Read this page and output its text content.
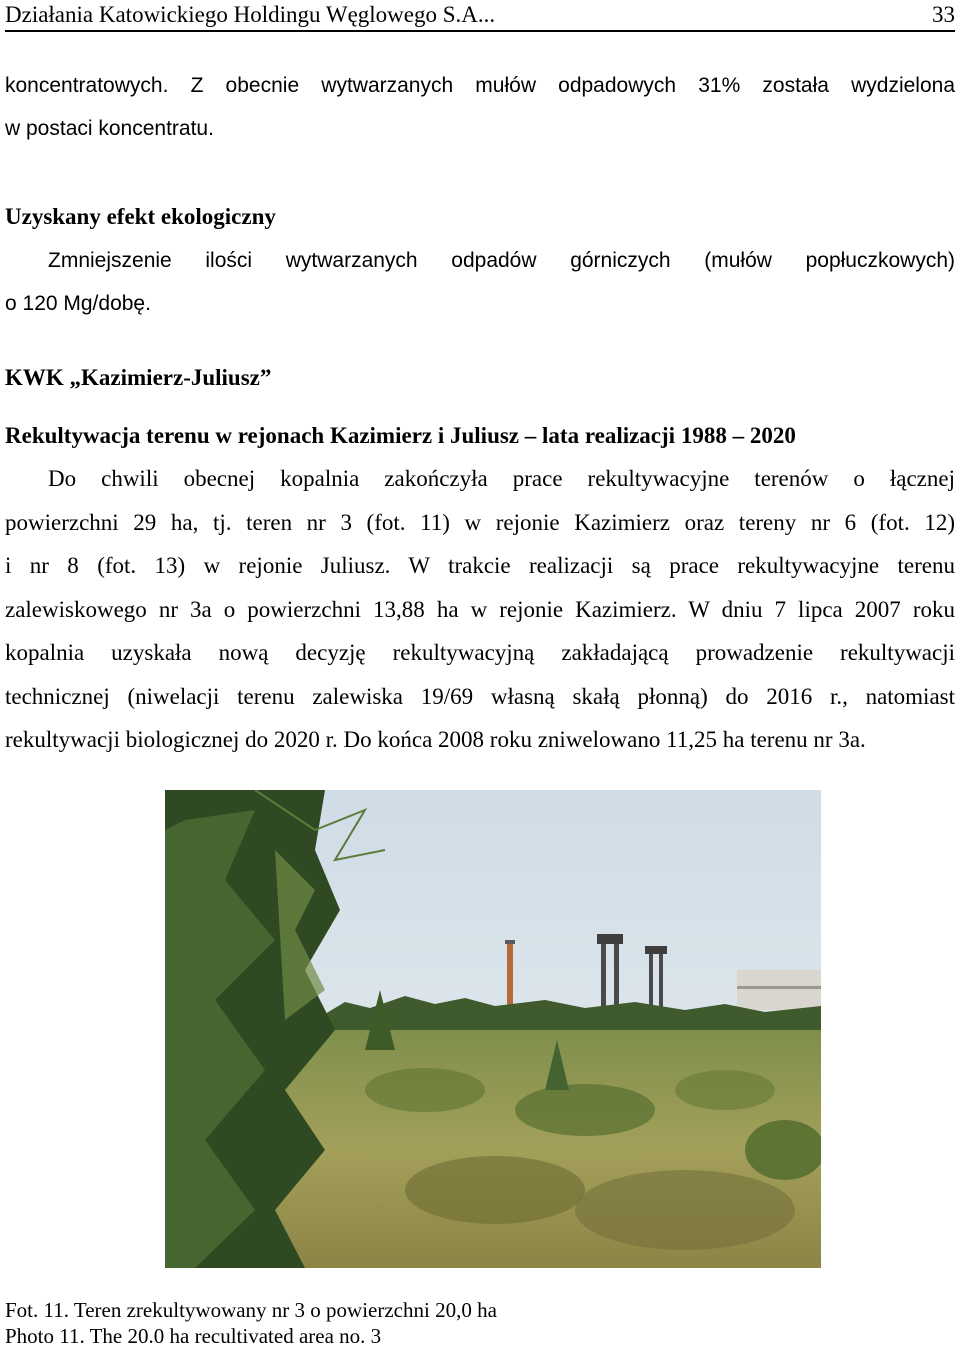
Działania Katowickiego Holdingu Węglowego S.A...	33
koncentratowych. Z obecnie wytwarzanych mułów odpadowych 31% została wydzielona
w postaci koncentratu.
Uzyskany efekt ekologiczny
Zmniejszenie ilości wytwarzanych odpadów górniczych (mułów popłuczkowych)
o 120 Mg/dobę.
KWK „Kazimierz-Juliusz”
Rekultywacja terenu w rejonach Kazimierz i Juliusz – lata realizacji 1988 – 2020
Do chwili obecnej kopalnia zakończyła prace rekultywacyjne terenów o łącznej
powierzchni 29 ha, tj. teren nr 3 (fot. 11) w rejonie Kazimierz oraz tereny nr 6 (fot. 12)
i nr 8 (fot. 13) w rejonie Juliusz. W trakcie realizacji są prace rekultywacyjne terenu
zalewiskowego nr 3a o powierzchni 13,88 ha w rejonie Kazimierz. W dniu 7 lipca 2007 roku
kopalnia uzyskała nową decyzję rekultywacyjną zakładającą prowadzenie rekultywacji
technicznej (niwelacji terenu zalewiska 19/69 własną skałą płonną) do 2016 r., natomiast
rekultywacji biologicznej do 2020 r. Do końca 2008 roku zniwelowano 11,25 ha terenu nr 3a.
Fot. 11. Teren zrekultywowany nr 3 o powierzchni 20,0 ha
Photo 11. The 20.0 ha recultivated area no. 3
